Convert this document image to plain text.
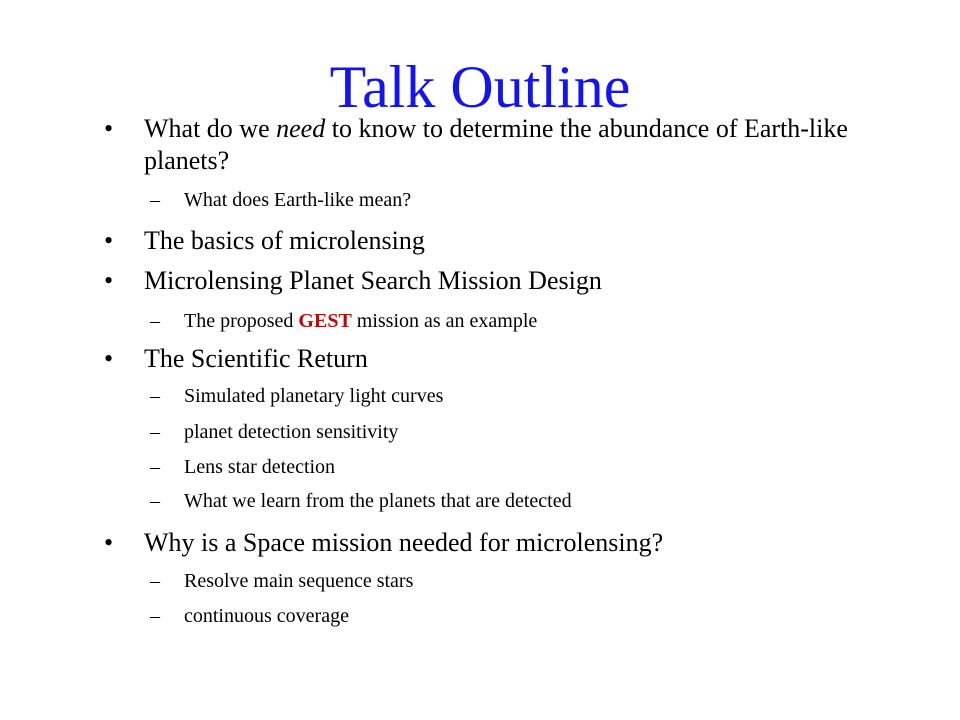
Talk Outline
•	What do we need to know to determine the abundance of Earth-like planets?
– What does Earth-like mean?
•	The basics of microlensing
•	Microlensing Planet Search Mission Design
– The proposed GEST mission as an example
•	The Scientific Return
– Simulated planetary light curves
– planet detection sensitivity
– Lens star detection
– What we learn from the planets that are detected
•	Why is a Space mission needed for microlensing?
– Resolve main sequence stars
– continuous coverage
